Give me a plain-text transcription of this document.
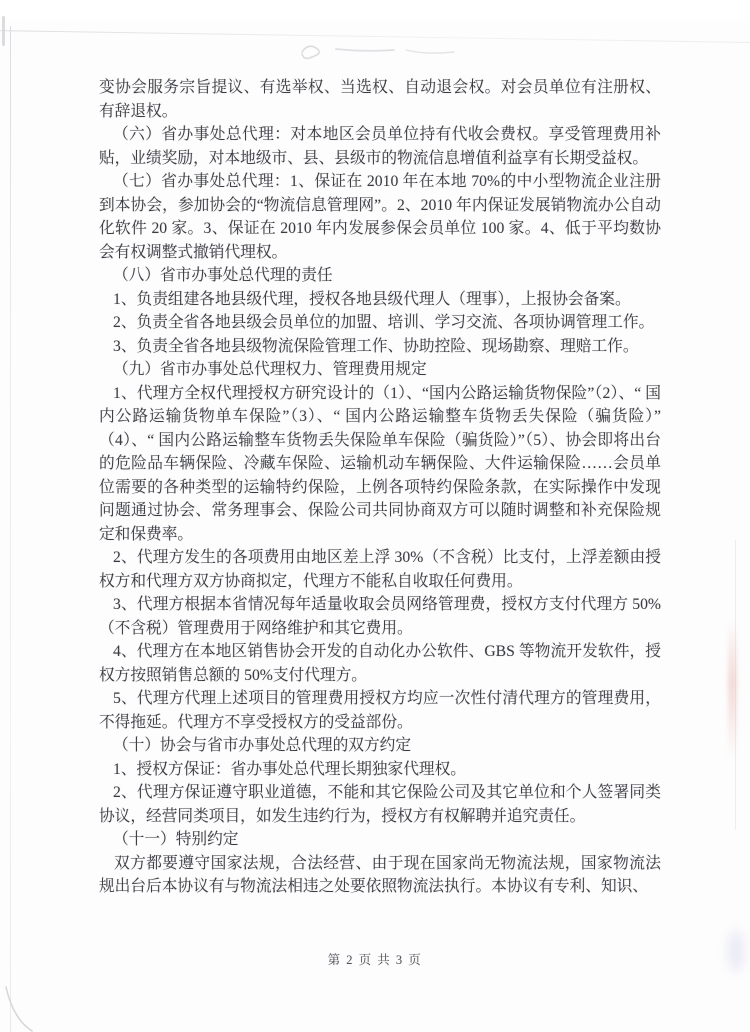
变协会服务宗旨提议、有选举权、当选权、自动退会权。对会员单位有注册权、有辞退权。

（六）省办事处总代理：对本地区会员单位持有代收会费权。享受管理费用补贴，业绩奖励，对本地级市、县、县级市的物流信息增值利益享有长期受益权。

（七）省办事处总代理：1、保证在 2010 年在本地 70%的中小型物流企业注册到本协会，参加协会的“物流信息管理网”。2、2010 年内保证发展销物流办公自动化软件 20 家。3、保证在 2010 年内发展参保会员单位 100 家。4、低于平均数协会有权调整式撤销代理权。

（八）省市办事处总代理的责任

1、负责组建各地县级代理，授权各地县级代理人（理事），上报协会备案。

2、负责全省各地县级会员单位的加盟、培训、学习交流、各项协调管理工作。

3、负责全省各地县级物流保险管理工作、协助控险、现场勘察、理赔工作。

（九）省市办事处总代理权力、管理费用规定

1、代理方全权代理授权方研究设计的（1）、“国内公路运输货物保险”（2）、“ 国内公路运输货物单车保险”（3）、“ 国内公路运输整车货物丢失保险（骗货险）”　（4）、“ 国内公路运输整车货物丢失保险单车保险（骗货险）”（5）、协会即将出台的危险品车辆保险、冷藏车保险、运输机动车辆保险、大件运输保险……会员单位需要的各种类型的运输特约保险，上例各项特约保险条款，在实际操作中发现问题通过协会、常务理事会、保险公司共同协商双方可以随时调整和补充保险规定和保费率。

2、代理方发生的各项费用由地区差上浮 30%（不含税）比支付，上浮差额由授权方和代理方双方协商拟定，代理方不能私自收取任何费用。

3、代理方根据本省情况每年适量收取会员网络管理费，授权方支付代理方 50%（不含税）管理费用于网络维护和其它费用。

4、代理方在本地区销售协会开发的自动化办公软件、GBS 等物流开发软件，授权方按照销售总额的 50%支付代理方。

5、代理方代理上述项目的管理费用授权方均应一次性付清代理方的管理费用，不得拖延。代理方不享受授权方的受益部份。

（十）协会与省市办事处总代理的双方约定

1、授权方保证：省办事处总代理长期独家代理权。

2、代理方保证遵守职业道德，不能和其它保险公司及其它单位和个人签署同类协议，经营同类项目，如发生违约行为，授权方有权解聘并追究责任。

（十一）特别约定

双方都要遵守国家法规，合法经营、由于现在国家尚无物流法规，国家物流法规出台后本协议有与物流法相违之处要依照物流法执行。本协议有专利、知识、

第 2 页 共 3 页
